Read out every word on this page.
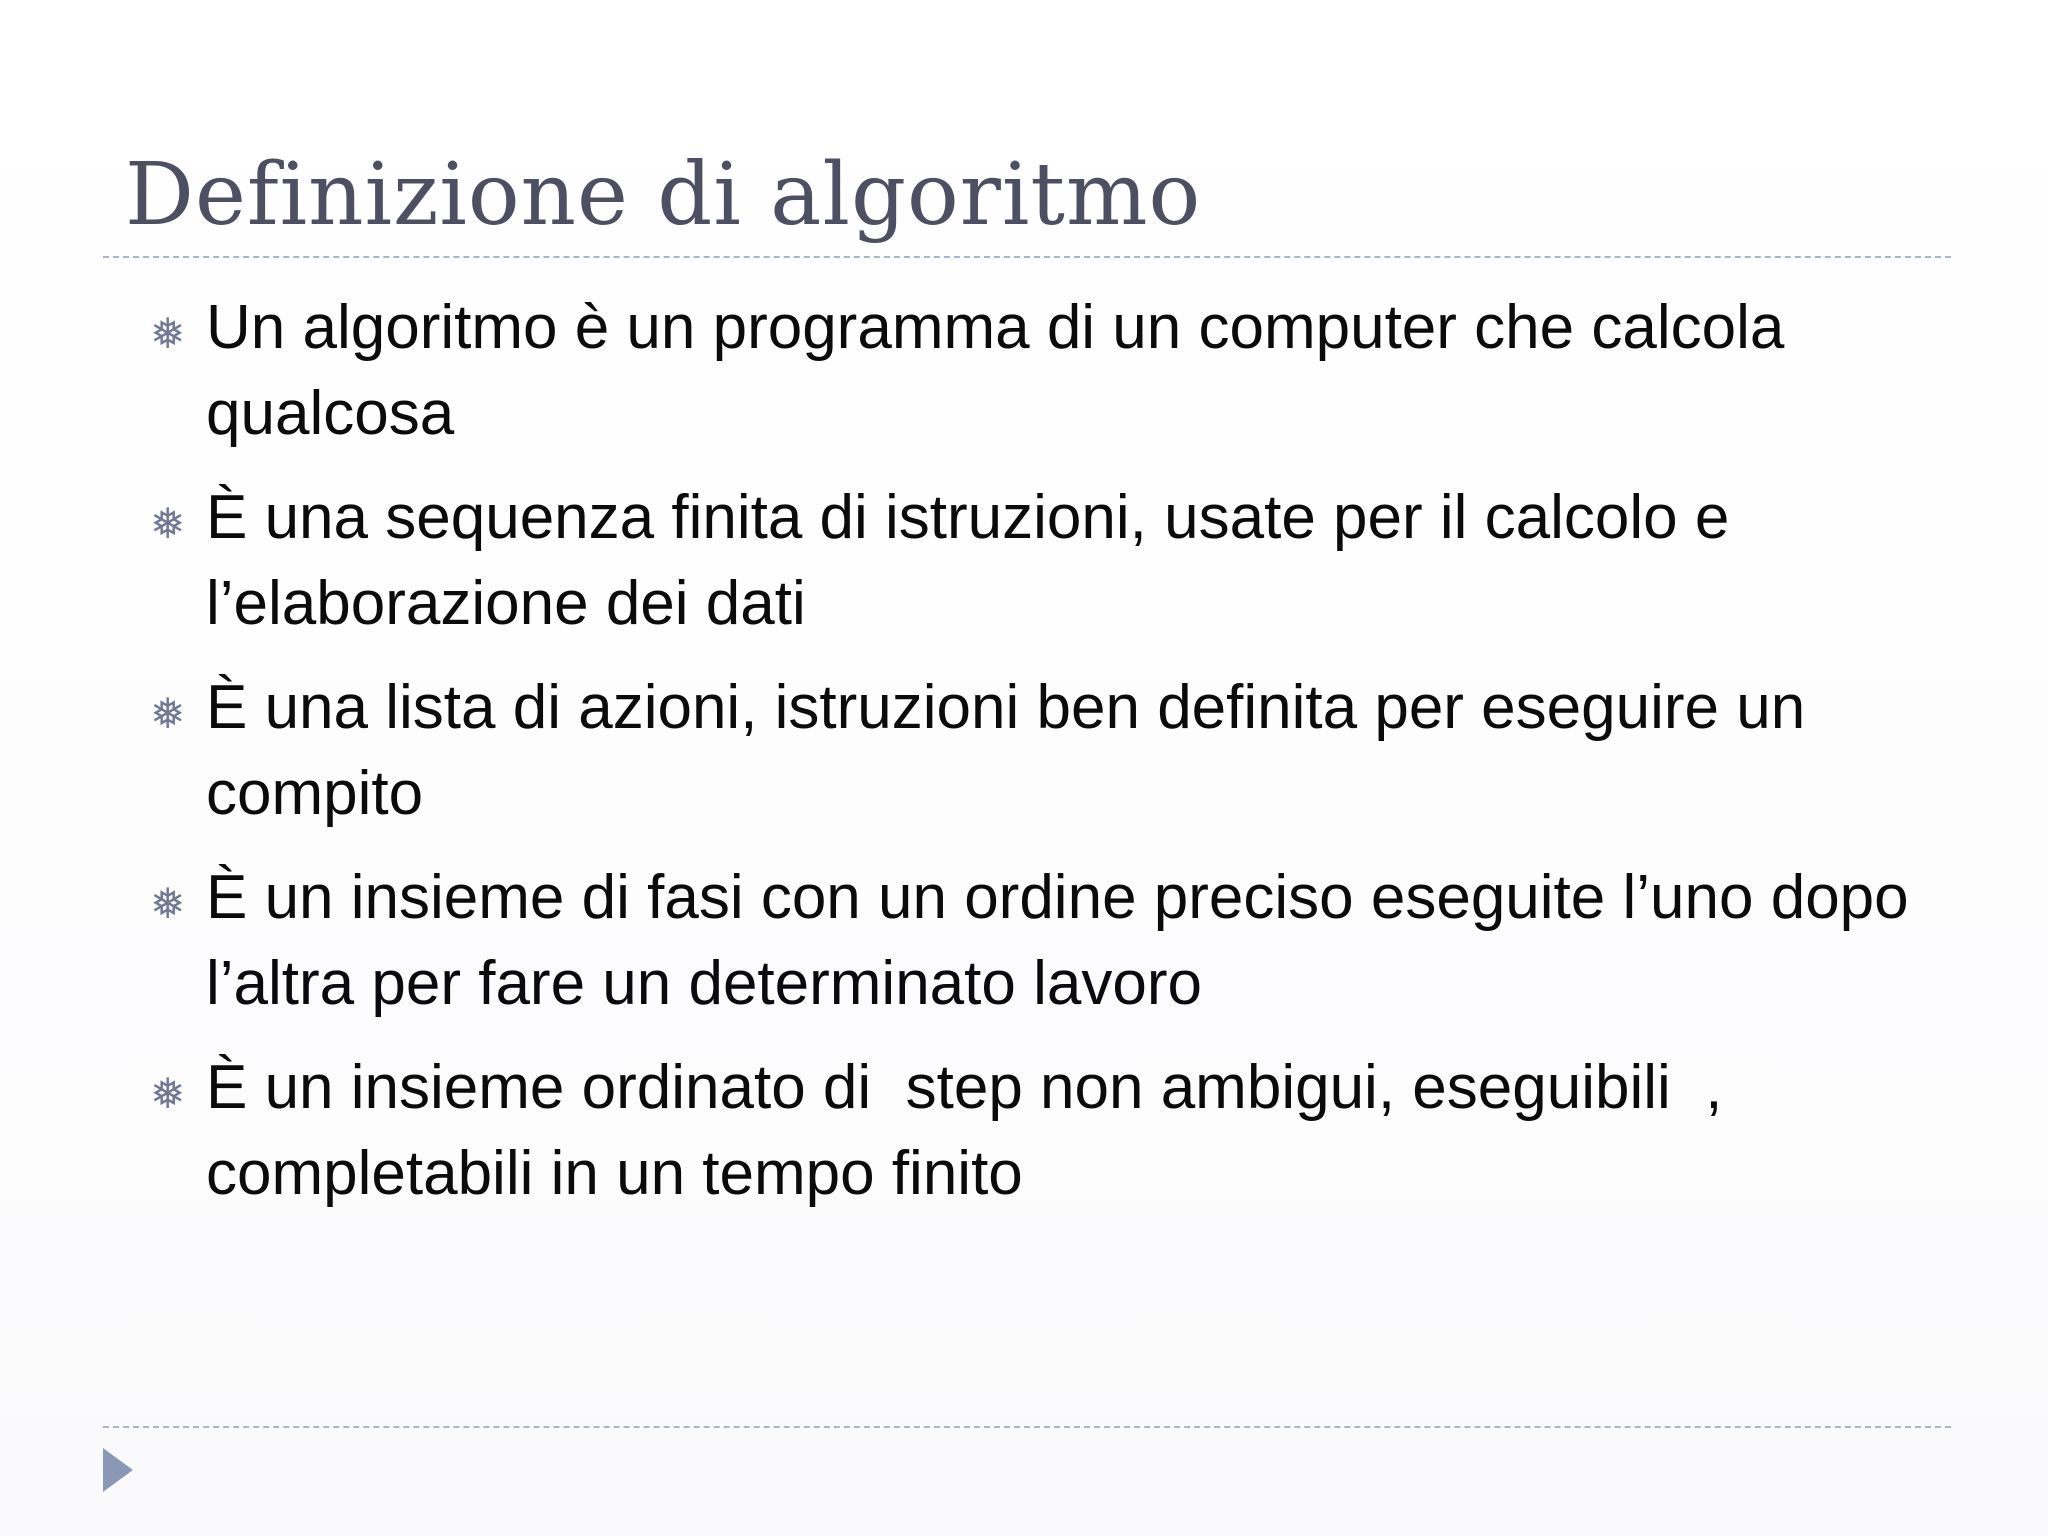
Definizione di algoritmo
❅ Un algoritmo è un programma di un computer che calcola qualcosa
❅ È una sequenza finita di istruzioni, usate per il calcolo e l’elaborazione dei dati
❅ È una lista di azioni, istruzioni ben definita per eseguire un compito
❅ È un insieme di fasi con un ordine preciso eseguite l’uno dopo l’altra per fare un determinato lavoro
❅ È un insieme ordinato di  step non ambigui, eseguibili  , completabili in un tempo finito
